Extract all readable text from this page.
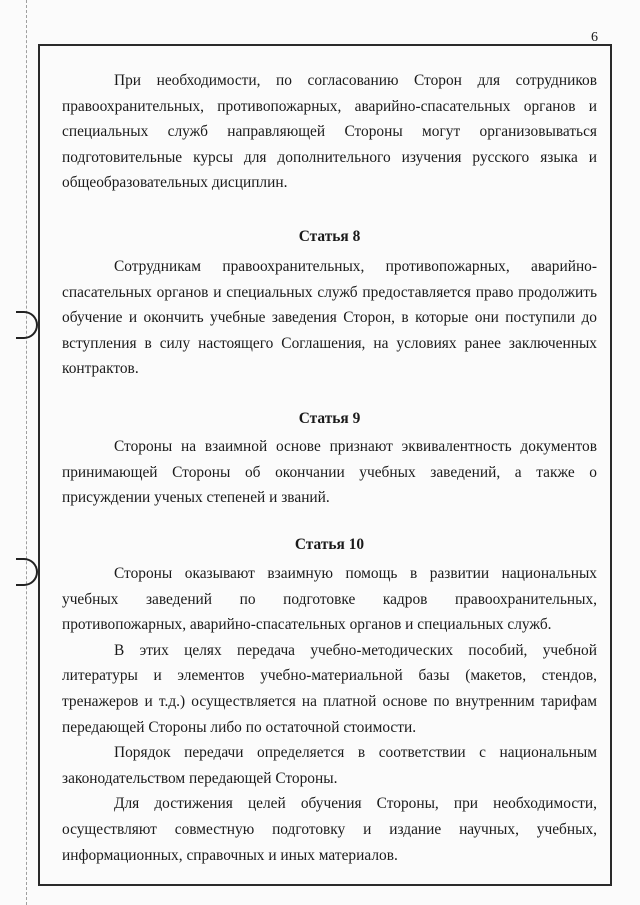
6

При необходимости, по согласованию Сторон для сотрудников правоохранительных, противопожарных, аварийно-спасательных органов и специальных служб направляющей Стороны могут организовываться подготовительные курсы для дополнительного изучения русского языка и общеобразовательных дисциплин.

Статья 8

Сотрудникам правоохранительных, противопожарных, аварийно-спасательных органов и специальных служб предоставляется право продолжить обучение и окончить учебные заведения Сторон, в которые они поступили до вступления в силу настоящего Соглашения, на условиях ранее заключенных контрактов.

Статья 9

Стороны на взаимной основе признают эквивалентность документов принимающей Стороны об окончании учебных заведений, а также о присуждении ученых степеней и званий.

Статья 10

Стороны оказывают взаимную помощь в развитии национальных учебных заведений по подготовке кадров правоохранительных, противопожарных, аварийно-спасательных органов и специальных служб.

В этих целях передача учебно-методических пособий, учебной литературы и элементов учебно-материальной базы (макетов, стендов, тренажеров и т.д.) осуществляется на платной основе по внутренним тарифам передающей Стороны либо по остаточной стоимости.

Порядок передачи определяется в соответствии с национальным законодательством передающей Стороны.

Для достижения целей обучения Стороны, при необходимости, осуществляют совместную подготовку и издание научных, учебных, информационных, справочных и иных материалов.
